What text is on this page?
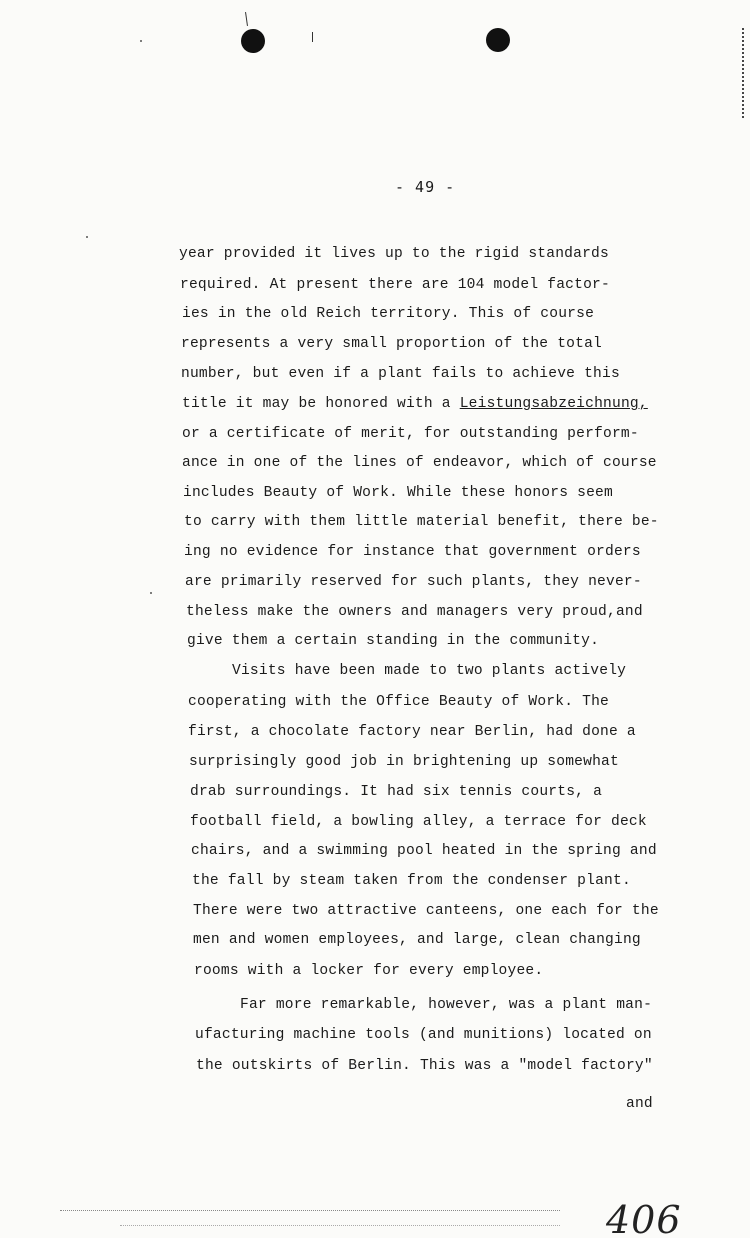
- 49 -
year provided it lives up to the rigid standards
required. At present there are 104 model factor-
ies in the old Reich territory. This of course
represents a very small proportion of the total
number, but even if a plant fails to achieve this
title it may be honored with a Leistungsabzeichnung,
or a certificate of merit, for outstanding perform-
ance in one of the lines of endeavor, which of course
includes Beauty of Work. While these honors seem
to carry with them little material benefit, there be-
ing no evidence for instance that government orders
are primarily reserved for such plants, they never-
theless make the owners and managers very proud,and
give them a certain standing in the community.
Visits have been made to two plants actively
cooperating with the Office Beauty of Work. The
first, a chocolate factory near Berlin, had done a
surprisingly good job in brightening up somewhat
drab surroundings. It had six tennis courts, a
football field, a bowling alley, a terrace for deck
chairs, and a swimming pool heated in the spring and
the fall by steam taken from the condenser plant.
There were two attractive canteens, one each for the
men and women employees, and large, clean changing
rooms with a locker for every employee.
Far more remarkable, however, was a plant man-
ufacturing machine tools (and munitions) located on
the outskirts of Berlin. This was a "model factory"
and
406
